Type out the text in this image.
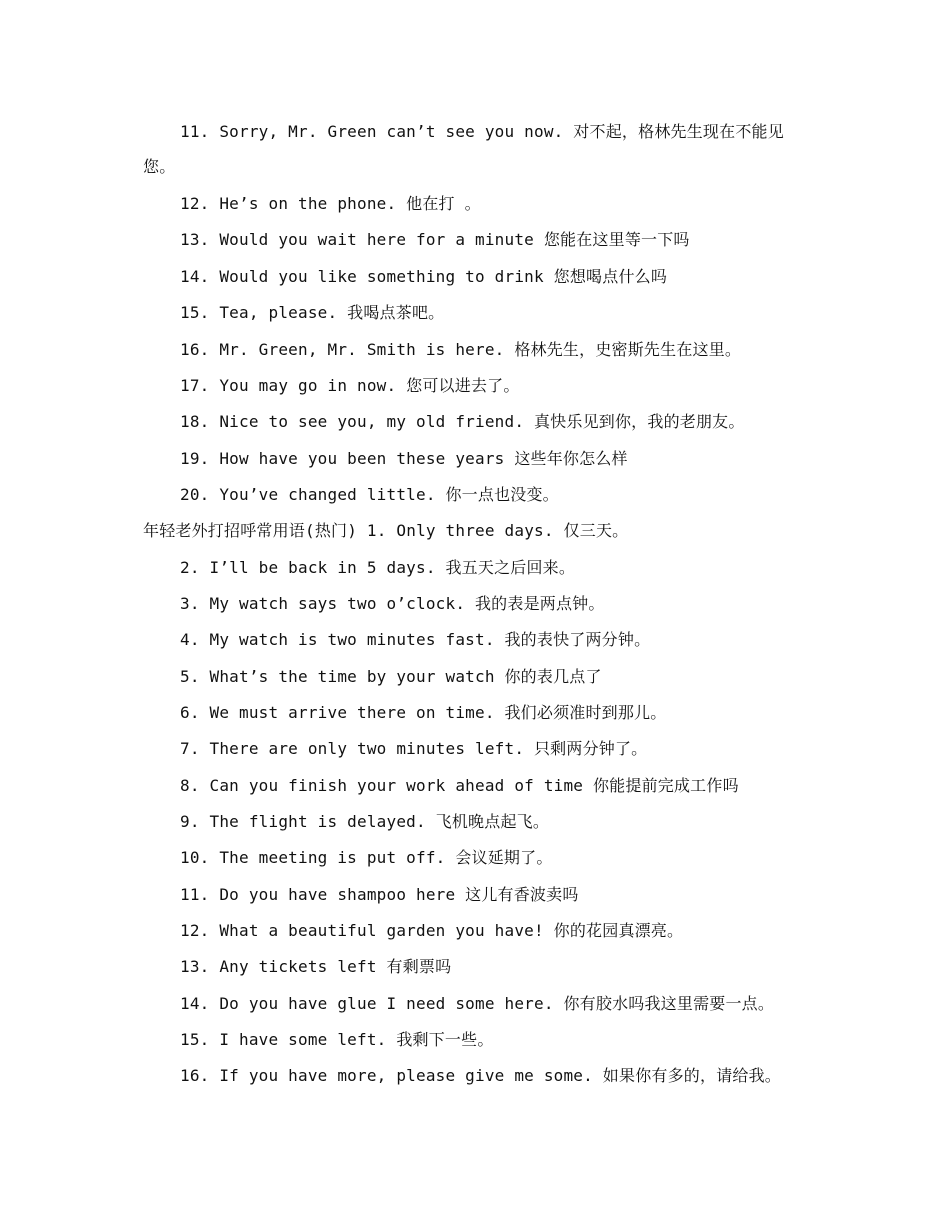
11. Sorry, Mr. Green can’t see you now. 对不起，格林先生现在不能见
您。
12. He’s on the phone. 他在打 。
13. Would you wait here for a minute 您能在这里等一下吗
14. Would you like something to drink 您想喝点什么吗
15. Tea, please. 我喝点茶吧。
16. Mr. Green, Mr. Smith is here. 格林先生，史密斯先生在这里。
17. You may go in now. 您可以进去了。
18. Nice to see you, my old friend. 真快乐见到你，我的老朋友。
19. How have you been these years 这些年你怎么样
20. You’ve changed little. 你一点也没变。
年轻老外打招呼常用语(热门) 1. Only three days. 仅三天。
2. I’ll be back in 5 days. 我五天之后回来。
3. My watch says two o’clock. 我的表是两点钟。
4. My watch is two minutes fast. 我的表快了两分钟。
5. What’s the time by your watch 你的表几点了
6. We must arrive there on time. 我们必须准时到那儿。
7. There are only two minutes left. 只剩两分钟了。
8. Can you finish your work ahead of time 你能提前完成工作吗
9. The flight is delayed. 飞机晚点起飞。
10. The meeting is put off. 会议延期了。
11. Do you have shampoo here 这儿有香波卖吗
12. What a beautiful garden you have! 你的花园真漂亮。
13. Any tickets left 有剩票吗
14. Do you have glue I need some here. 你有胶水吗我这里需要一点。
15. I have some left. 我剩下一些。
16. If you have more, please give me some. 如果你有多的，请给我。
